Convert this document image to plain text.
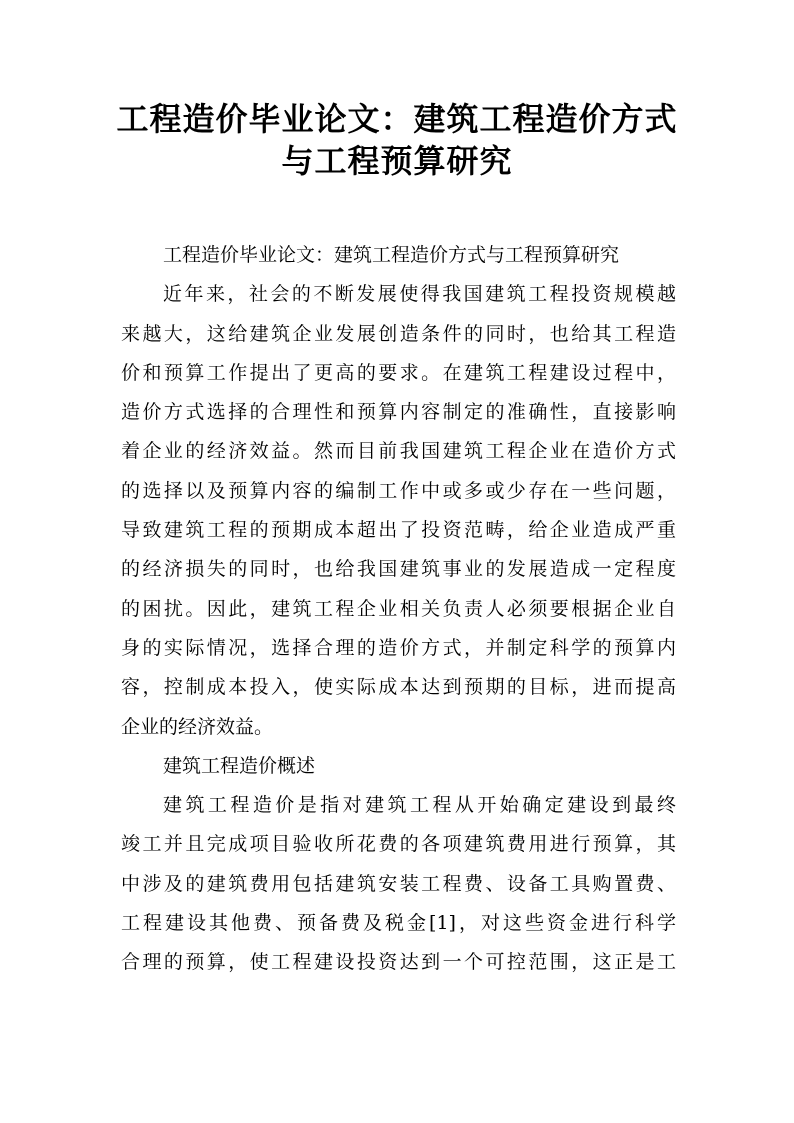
工程造价毕业论文：建筑工程造价方式
与工程预算研究
工程造价毕业论文：建筑工程造价方式与工程预算研究
近年来，社会的不断发展使得我国建筑工程投资规模越
来越大，这给建筑企业发展创造条件的同时，也给其工程造
价和预算工作提出了更高的要求。在建筑工程建设过程中，
造价方式选择的合理性和预算内容制定的准确性，直接影响
着企业的经济效益。然而目前我国建筑工程企业在造价方式
的选择以及预算内容的编制工作中或多或少存在一些问题，
导致建筑工程的预期成本超出了投资范畴，给企业造成严重
的经济损失的同时，也给我国建筑事业的发展造成一定程度
的困扰。因此，建筑工程企业相关负责人必须要根据企业自
身的实际情况，选择合理的造价方式，并制定科学的预算内
容，控制成本投入，使实际成本达到预期的目标，进而提高
企业的经济效益。
建筑工程造价概述
建筑工程造价是指对建筑工程从开始确定建设到最终
竣工并且完成项目验收所花费的各项建筑费用进行预算，其
中涉及的建筑费用包括建筑安装工程费、设备工具购置费、
工程建设其他费、预备费及税金[1]，对这些资金进行科学
合理的预算，使工程建设投资达到一个可控范围，这正是工
